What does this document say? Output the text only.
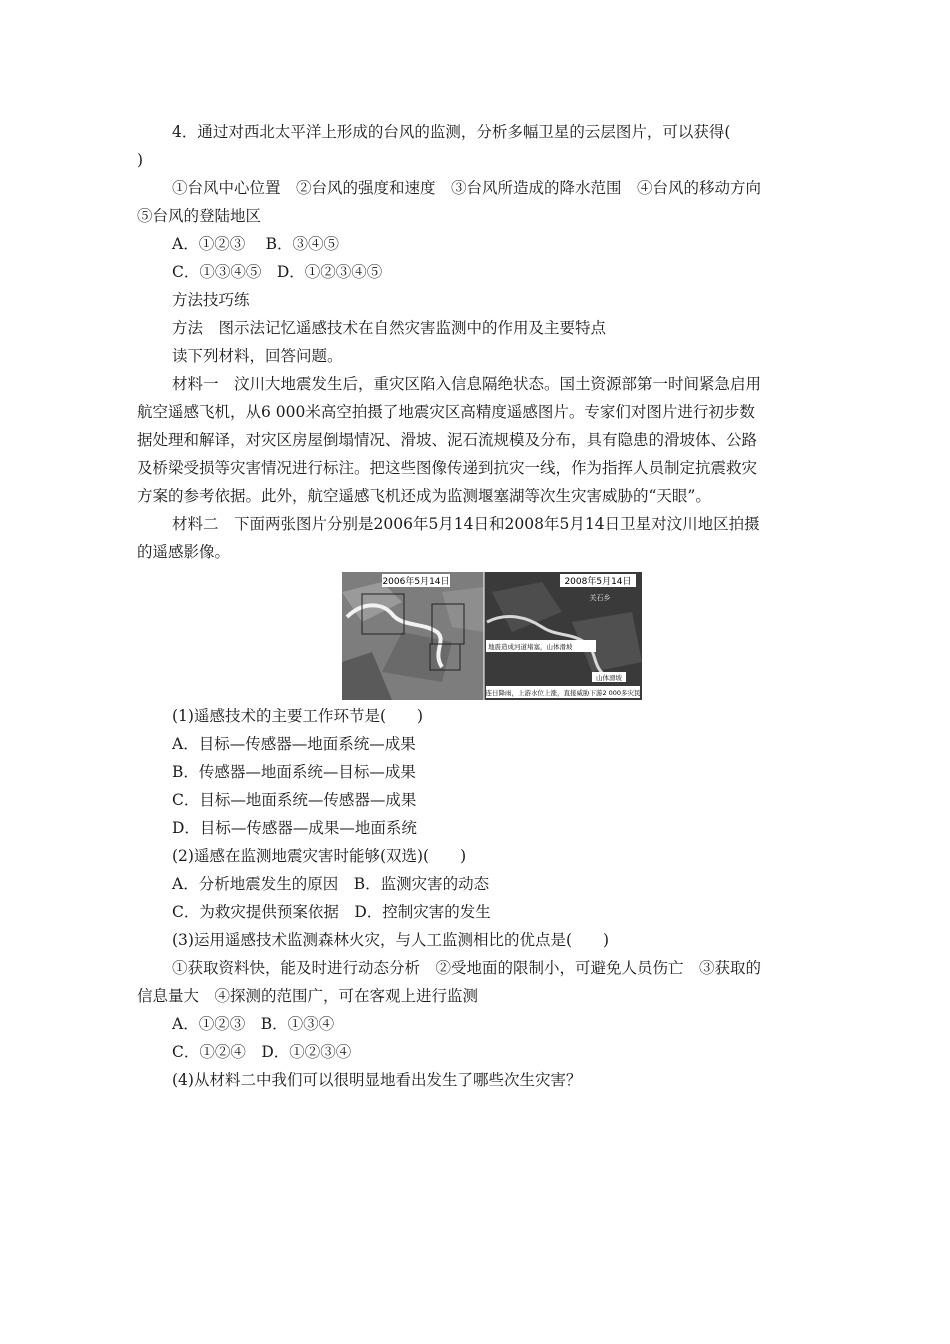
4．通过对西北太平洋上形成的台风的监测，分析多幅卫星的云层图片，可以获得(
)
①台风中心位置　②台风的强度和速度　③台风所造成的降水范围　④台风的移动方向
⑤台风的登陆地区
A．①②③　 B．③④⑤
C．①③④⑤　D．①②③④⑤
方法技巧练
方法　图示法记忆遥感技术在自然灾害监测中的作用及主要特点
读下列材料，回答问题。
材料一　汶川大地震发生后，重灾区陷入信息隔绝状态。国土资源部第一时间紧急启用
航空遥感飞机，从6 000米高空拍摄了地震灾区高精度遥感图片。专家们对图片进行初步数
据处理和解译，对灾区房屋倒塌情况、滑坡、泥石流规模及分布，具有隐患的滑坡体、公路
及桥梁受损等灾害情况进行标注。把这些图像传递到抗灾一线，作为指挥人员制定抗震救灾
方案的参考依据。此外，航空遥感飞机还成为监测堰塞湖等次生灾害威胁的“天眼”。
材料二　下面两张图片分别是2006年5月14日和2008年5月14日卫星对汶川地区拍摄
的遥感影像。
2006年5月14日	2008年5月14日
关石乡
地震造成河道堵塞，山体滑坡
山体滑坡
连日降雨，上游水位上涨，直接威胁下游2 000多灾民
(1)遥感技术的主要工作环节是(　　)
A．目标—传感器—地面系统—成果
B．传感器—地面系统—目标—成果
C．目标—地面系统—传感器—成果
D．目标—传感器—成果—地面系统
(2)遥感在监测地震灾害时能够(双选)(　　)
A．分析地震发生的原因　B．监测灾害的动态
C．为救灾提供预案依据　D．控制灾害的发生
(3)运用遥感技术监测森林火灾，与人工监测相比的优点是(　　)
①获取资料快，能及时进行动态分析　②受地面的限制小，可避免人员伤亡　③获取的
信息量大　④探测的范围广，可在客观上进行监测
A．①②③　B．①③④
C．①②④　D．①②③④
(4)从材料二中我们可以很明显地看出发生了哪些次生灾害？
